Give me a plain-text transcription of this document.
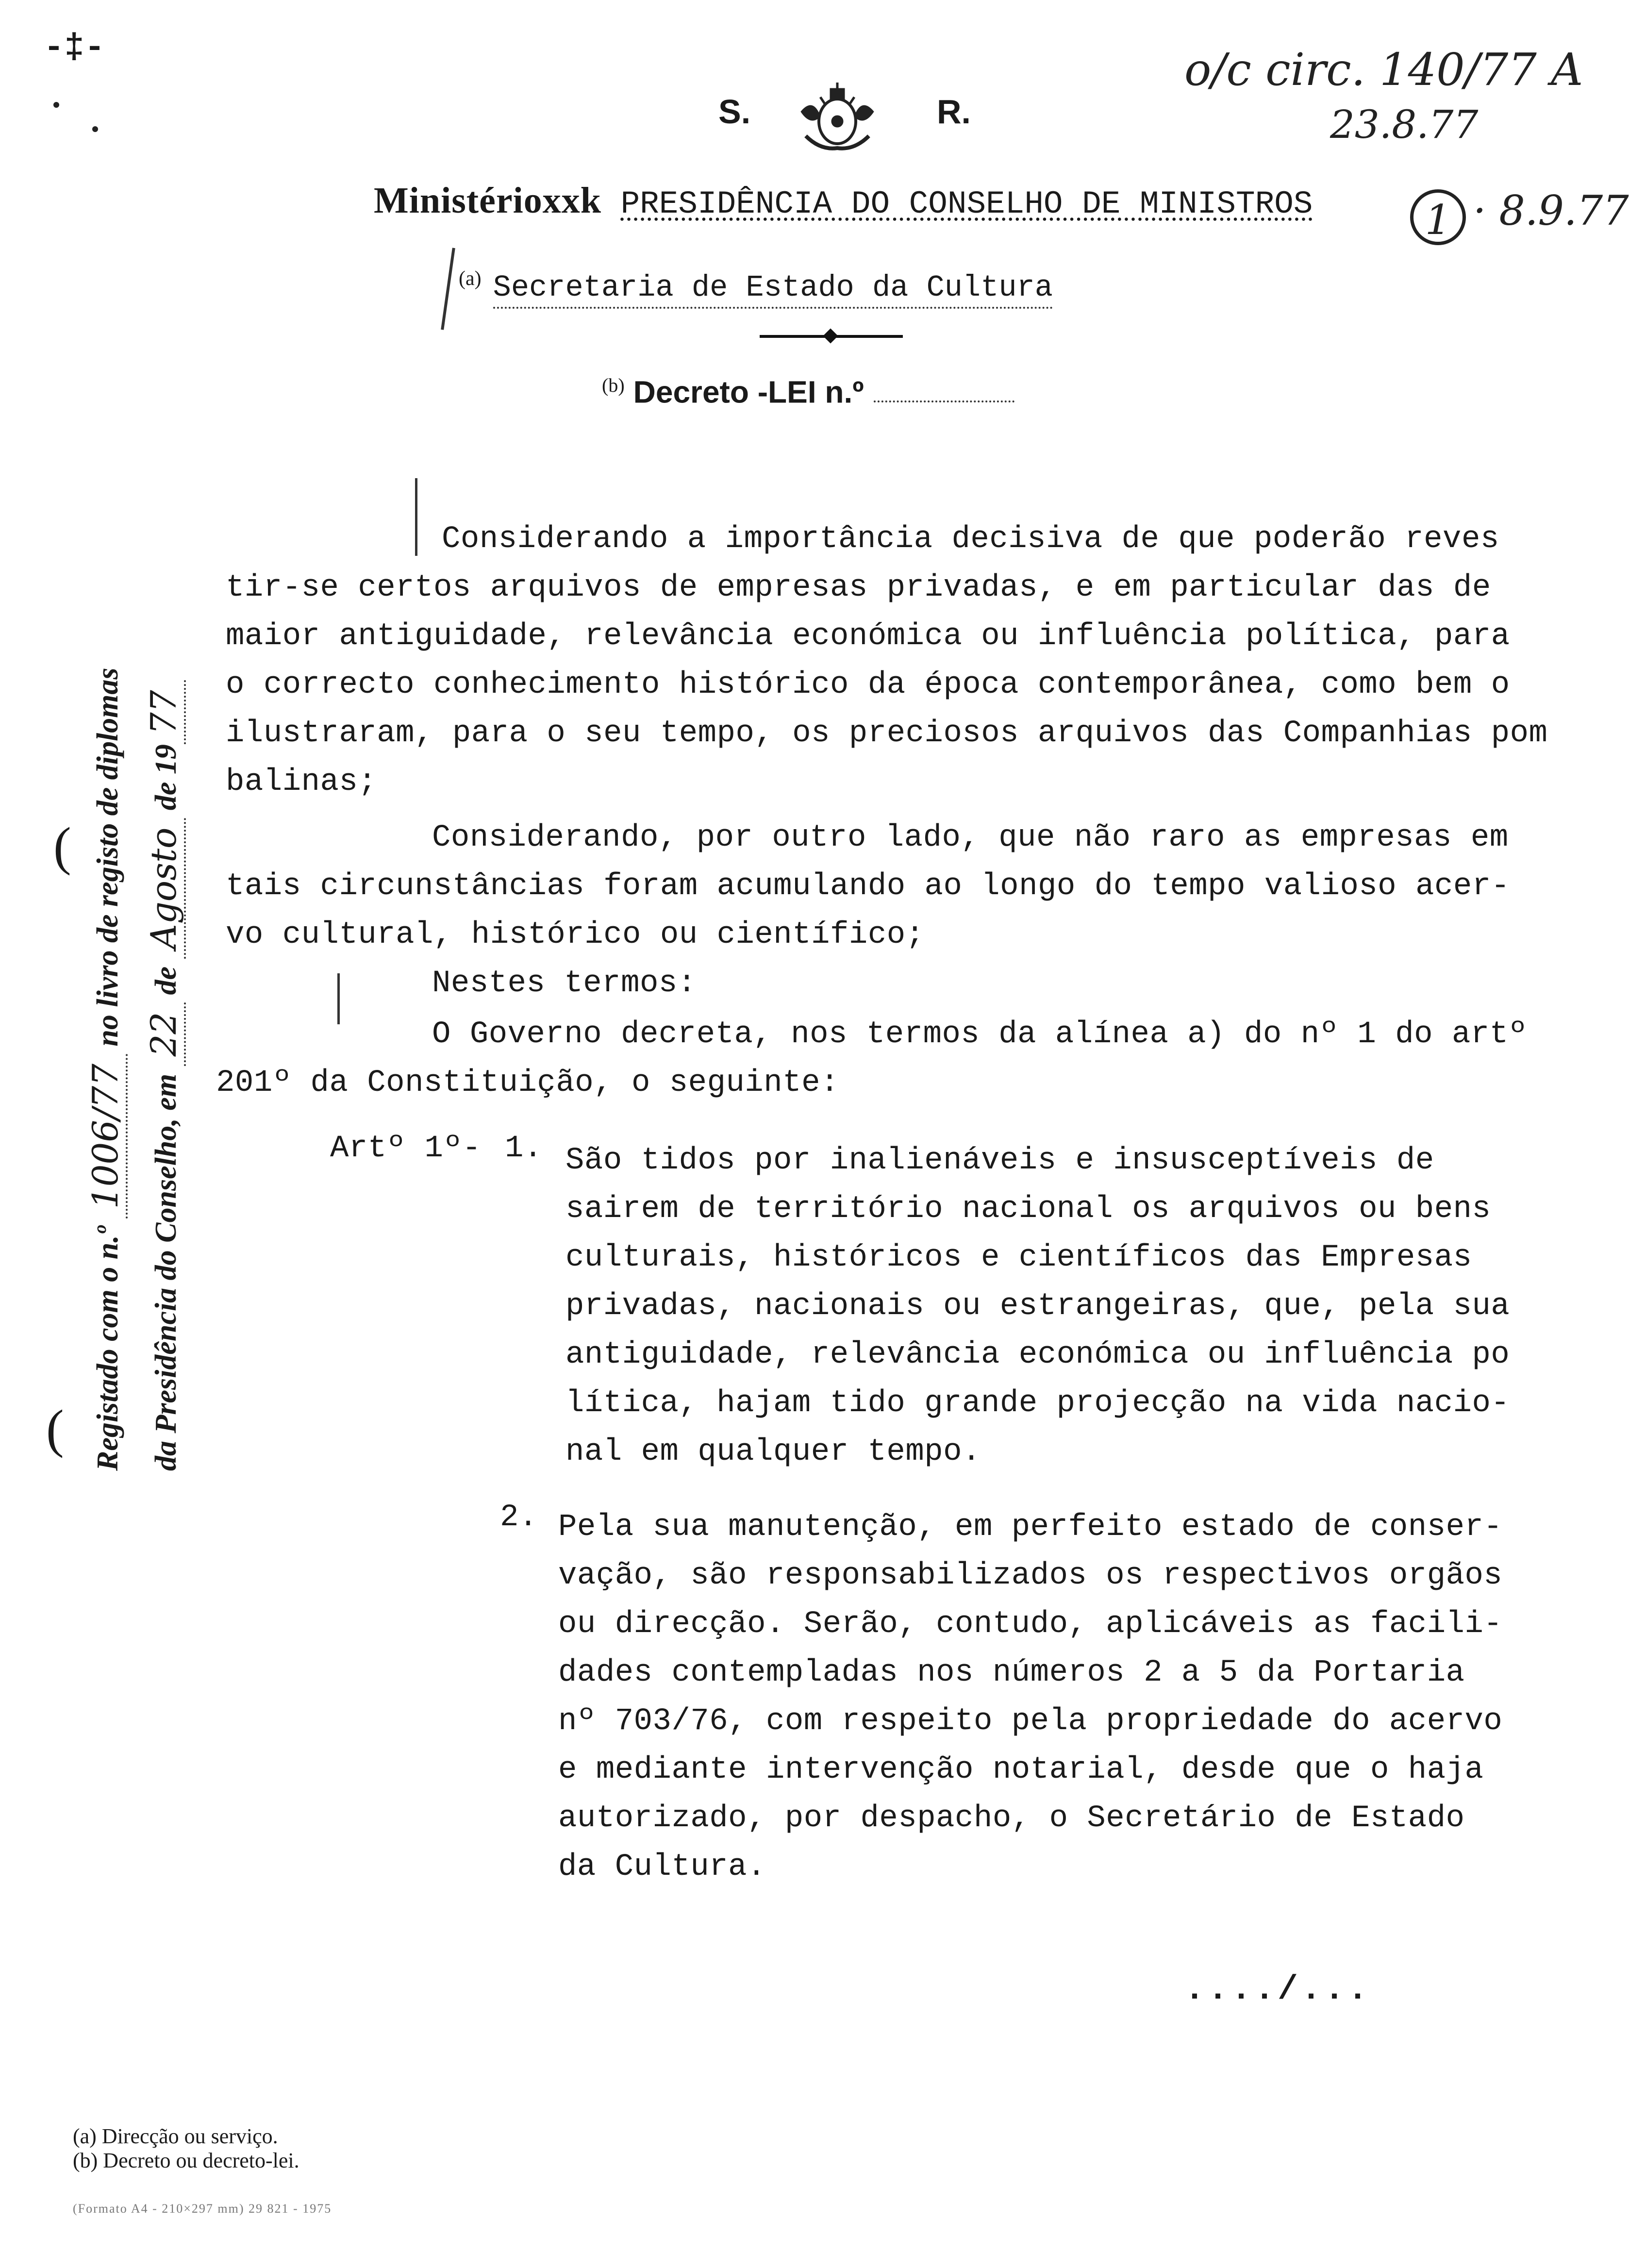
-‡-
S.	R.
o/c circ. 140/77 A
23.8.77
Ministérioxxk PRESIDÊNCIA DO CONSELHO DE MINISTROS	1 · 8.9.77
$^{(a)}$ Secretaria de Estado da Cultura
$^{(b)}$ Decreto -LEI n.º
Considerando a importância decisiva de que poderão reves
tir-se certos arquivos de empresas privadas, e em particular das de
maior antiguidade, relevância económica ou influência política, para
o correcto conhecimento histórico da época contemporânea, como bem o
ilustraram, para o seu tempo, os preciosos arquivos das Companhias pom
balinas;
Considerando, por outro lado, que não raro as empresas em
tais circunstâncias foram acumulando ao longo do tempo valioso acer-
vo cultural, histórico ou científico;
Nestes termos:
O Governo decreta, nos termos da alínea a) do nº 1 do artº
201º da Constituição, o seguinte:
Artº 1º- 1. São tidos por inalienáveis e insusceptíveis de
sairem de território nacional os arquivos ou bens
culturais, históricos e científicos das Empresas
privadas, nacionais ou estrangeiras, que, pela sua
antiguidade, relevância económica ou influência po
lítica, hajam tido grande projecção na vida nacio-
nal em qualquer tempo.
2. Pela sua manutenção, em perfeito estado de conser-
vação, são responsabilizados os respectivos orgãos
ou direcção. Serão, contudo, aplicáveis as facili-
dades contempladas nos números 2 a 5 da Portaria
nº 703/76, com respeito pela propriedade do acervo
e mediante intervenção notarial, desde que o haja
autorizado, por despacho, o Secretário de Estado
da Cultura.
..../...
(
( Registado com o n.º 1006/77 no livro de registo de diplomas
da Presidência do Conselho, em 22 de Agosto de 1977
(a) Direcção ou serviço.
(b) Decreto ou decreto-lei.
(Formato A4 - 210×297 mm) 29 821 - 1975
